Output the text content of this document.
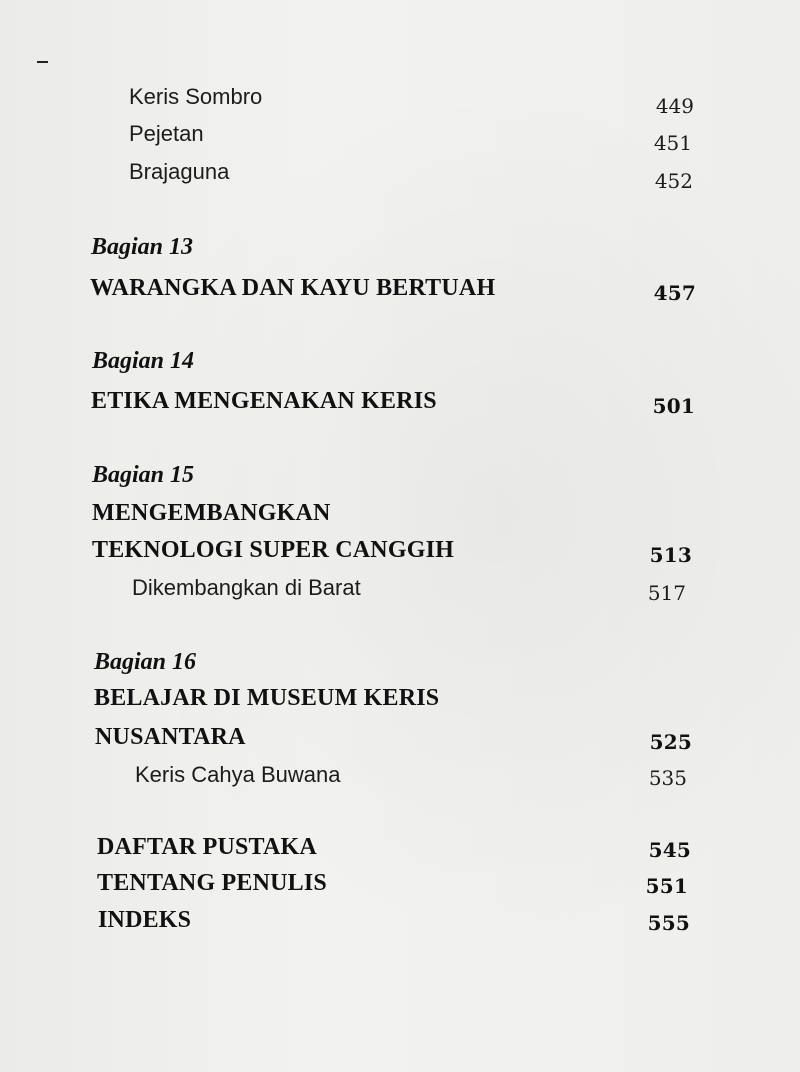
Keris Sombro	449
Pejetan	451
Brajaguna	452
Bagian 13
WARANGKA DAN KAYU BERTUAH	457
Bagian 14
ETIKA MENGENAKAN KERIS	501
Bagian 15
MENGEMBANGKAN
TEKNOLOGI SUPER CANGGIH	513
Dikembangkan di Barat	517
Bagian 16
BELAJAR DI MUSEUM KERIS
NUSANTARA	525
Keris Cahya Buwana	535
DAFTAR PUSTAKA	545
TENTANG PENULIS	551
INDEKS	555
